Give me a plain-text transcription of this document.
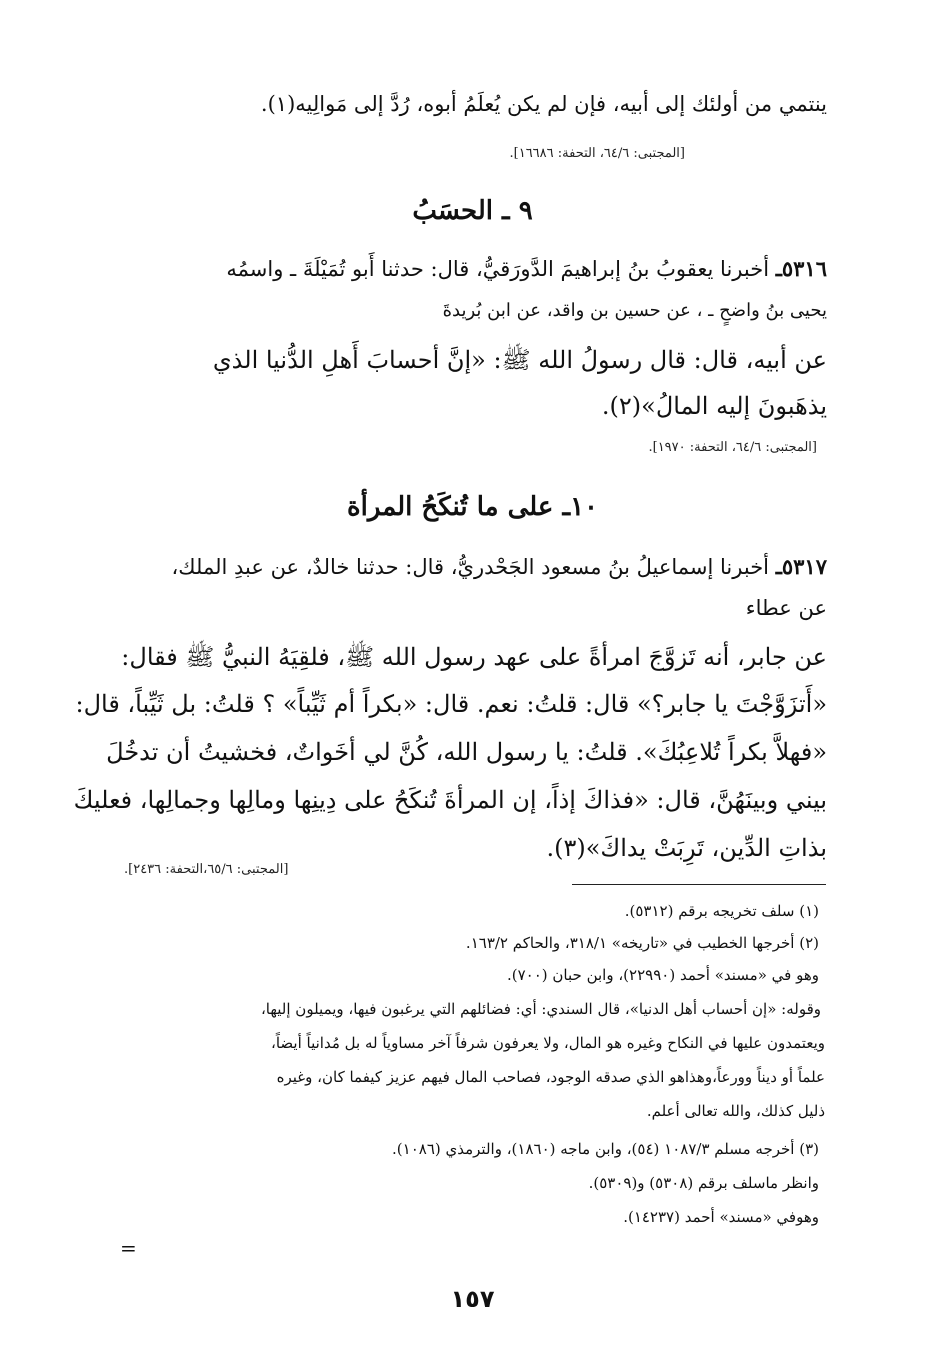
ينتمي من أولئك إلى أبيه، فإن لم يكن يُعلَمُ أبوه، رُدَّ إلى مَوالِيه(١).
[المجتبى: ٦٤/٦، التحفة: ١٦٦٨٦].
٩ ـ الحسَبُ
٥٣١٦ـ أخبرنا يعقوبُ بنُ إبراهيمَ الدَّورَقيُّ، قال: حدثنا أَبو تُمَيْلَةَ ـ واسمُه
يحيى بنُ واضحٍ ـ ، عن حسين بن واقد، عن ابن بُريدةَ
عن أبيه، قال: قال رسولُ الله ﷺ: «إنَّ أحسابَ أَهلِ الدُّنيا الذي
يذهَبونَ إليه المالُ»(٢).
[المجتبى: ٦٤/٦، التحفة: ١٩٧٠].
١٠ـ على ما تُنكَحُ المرأة
٥٣١٧ـ أخبرنا إسماعيلُ بنُ مسعود الجَحْدريُّ، قال: حدثنا خالدٌ، عن عبدِ الملك،
عن عطاء
عن جابر، أنه تَزوَّجَ امرأةً على عهد رسول الله ﷺ، فلقِيَهُ النبيُّ ﷺ فقال:
«أَتزَوَّجْتَ يا جابر؟» قال: قلتُ: نعم. قال: «بكراً أم ثَيِّباً» ؟ قلتُ: بل ثَيِّباً، قال:
«فهلاَّ بكراً تُلاعِبُكَ». قلتُ: يا رسول الله، كُنَّ لي أخَواتٌ، فخشيتُ أن تدخُلَ
بيني وبينَهُنَّ، قال: «فذاكَ إذاً، إن المرأةَ تُنكَحُ على دِينِها ومالِها وجمالِها، فعليكَ
بذاتِ الدِّين، تَرِبَتْ يداكَ»(٣).
[المجتبى: ٦٥/٦،التحفة: ٢٤٣٦].
(١) سلف تخريجه برقم (٥٣١٢).
(٢) أخرجها الخطيب في «تاريخه» ٣١٨/١، والحاكم ١٦٣/٢.
وهو في «مسند» أحمد (٢٢٩٩٠)، وابن حبان (٧٠٠).
وقوله: «إن أحساب أهل الدنيا»، قال السندي: أي: فضائلهم التي يرغبون فيها، ويميلون إليها،
ويعتمدون عليها في النكاح وغيره هو المال، ولا يعرفون شرفاً آخر مساوياً له بل مُدانياً أيضاً،
علماً أو ديناً وورعاً،وهذاهو الذي صدقه الوجود، فصاحب المال فيهم عزيز كيفما كان، وغيره
ذليل كذلك، والله تعالى أعلم.
(٣) أخرجه مسلم ١٠٨٧/٣ (٥٤)، وابن ماجه (١٨٦٠)، والترمذي (١٠٨٦).
وانظر ماسلف برقم (٥٣٠٨) و(٥٣٠٩).
وهوفي «مسند» أحمد (١٤٢٣٧).
=
١٥٧
